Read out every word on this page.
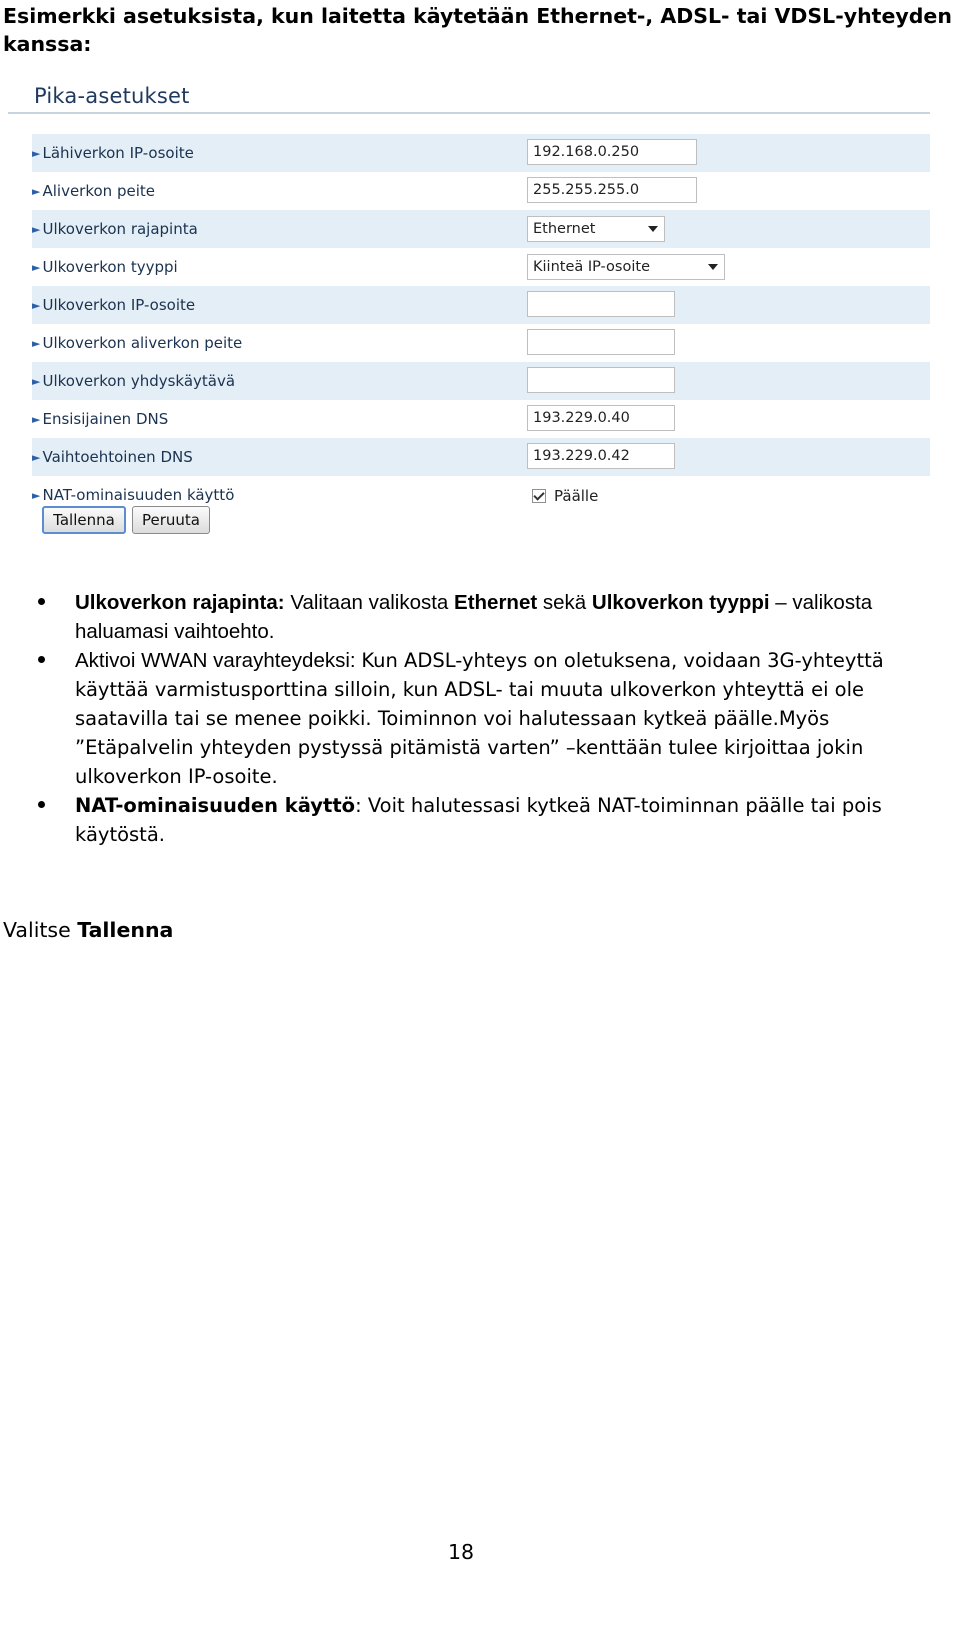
Esimerkki asetuksista, kun laitetta käytetään Ethernet-, ADSL- tai VDSL-yhteyden kanssa:
Pika-asetukset
► Lähiverkon IP-osoite	192.168.0.250
► Aliverkon peite	255.255.255.0
► Ulkoverkon rajapinta	Ethernet
► Ulkoverkon tyyppi	Kiinteä IP-osoite
► Ulkoverkon IP-osoite
► Ulkoverkon aliverkon peite
► Ulkoverkon yhdyskäytävä
► Ensisijainen DNS	193.229.0.40
► Vaihtoehtoinen DNS	193.229.0.42
► NAT-ominaisuuden käyttö	Päälle
Tallenna	Peruuta
Ulkoverkon rajapinta: Valitaan valikosta Ethernet sekä Ulkoverkon tyyppi – valikosta haluamasi vaihtoehto.
Aktivoi WWAN varayhteydeksi: Kun ADSL-yhteys on oletuksena, voidaan 3G-yhteyttä käyttää varmistusporttina silloin, kun ADSL- tai muuta ulkoverkon yhteyttä ei ole saatavilla tai se menee poikki. Toiminnon voi halutessaan kytkeä päälle.Myös ”Etäpalvelin yhteyden pystyssä pitämistä varten” –kenttään tulee kirjoittaa jokin ulkoverkon IP-osoite.
NAT-ominaisuuden käyttö: Voit halutessasi kytkeä NAT-toiminnan päälle tai pois käytöstä.
Valitse Tallenna
18
